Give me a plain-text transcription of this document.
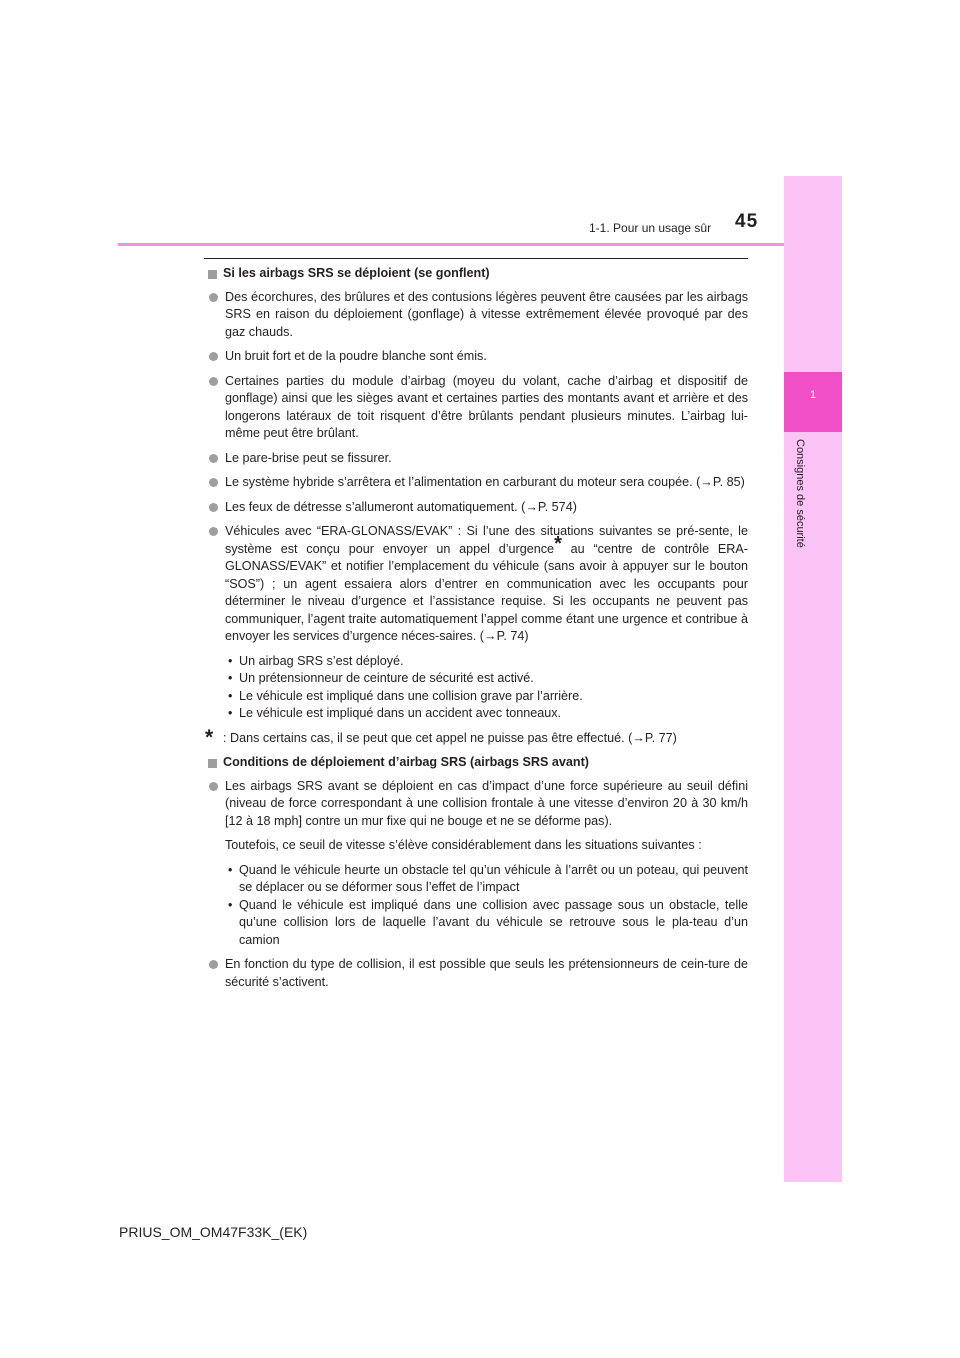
1
Consignes de sécurité
1-1. Pour un usage sûr 45
Si les airbags SRS se déploient (se gonflent)
Des écorchures, des brûlures et des contusions légères peuvent être causées par les airbags SRS en raison du déploiement (gonflage) à vitesse extrêmement élevée provoqué par des gaz chauds.
Un bruit fort et de la poudre blanche sont émis.
Certaines parties du module d’airbag (moyeu du volant, cache d’airbag et dispositif de gonflage) ainsi que les sièges avant et certaines parties des montants avant et arrière et des longerons latéraux de toit risquent d’être brûlants pendant plusieurs minutes. L’airbag lui-même peut être brûlant.
Le pare-brise peut se fissurer.
Le système hybride s’arrêtera et l’alimentation en carburant du moteur sera coupée. (→P. 85)
Les feux de détresse s’allumeront automatiquement. (→P. 574)
Véhicules avec “ERA-GLONASS/EVAK” : Si l’une des situations suivantes se pré-sente, le système est conçu pour envoyer un appel d’urgence* au “centre de contrôle ERA-GLONASS/EVAK” et notifier l’emplacement du véhicule (sans avoir à appuyer sur le bouton “SOS”) ; un agent essaiera alors d’entrer en communication avec les occupants pour déterminer le niveau d’urgence et l’assistance requise. Si les occupants ne peuvent pas communiquer, l’agent traite automatiquement l’appel comme étant une urgence et contribue à envoyer les services d’urgence néces-saires. (→P. 74)
• Un airbag SRS s’est déployé.
• Un prétensionneur de ceinture de sécurité est activé.
• Le véhicule est impliqué dans une collision grave par l’arrière.
• Le véhicule est impliqué dans un accident avec tonneaux.
* : Dans certains cas, il se peut que cet appel ne puisse pas être effectué. (→P. 77)
Conditions de déploiement d’airbag SRS (airbags SRS avant)
Les airbags SRS avant se déploient en cas d’impact d’une force supérieure au seuil défini (niveau de force correspondant à une collision frontale à une vitesse d’environ 20 à 30 km/h [12 à 18 mph] contre un mur fixe qui ne bouge et ne se déforme pas).
Toutefois, ce seuil de vitesse s’élève considérablement dans les situations suivantes :
• Quand le véhicule heurte un obstacle tel qu’un véhicule à l’arrêt ou un poteau, qui peuvent se déplacer ou se déformer sous l’effet de l’impact
• Quand le véhicule est impliqué dans une collision avec passage sous un obstacle, telle qu’une collision lors de laquelle l’avant du véhicule se retrouve sous le pla-teau d’un camion
En fonction du type de collision, il est possible que seuls les prétensionneurs de cein-ture de sécurité s’activent.
PRIUS_OM_OM47F33K_(EK)
